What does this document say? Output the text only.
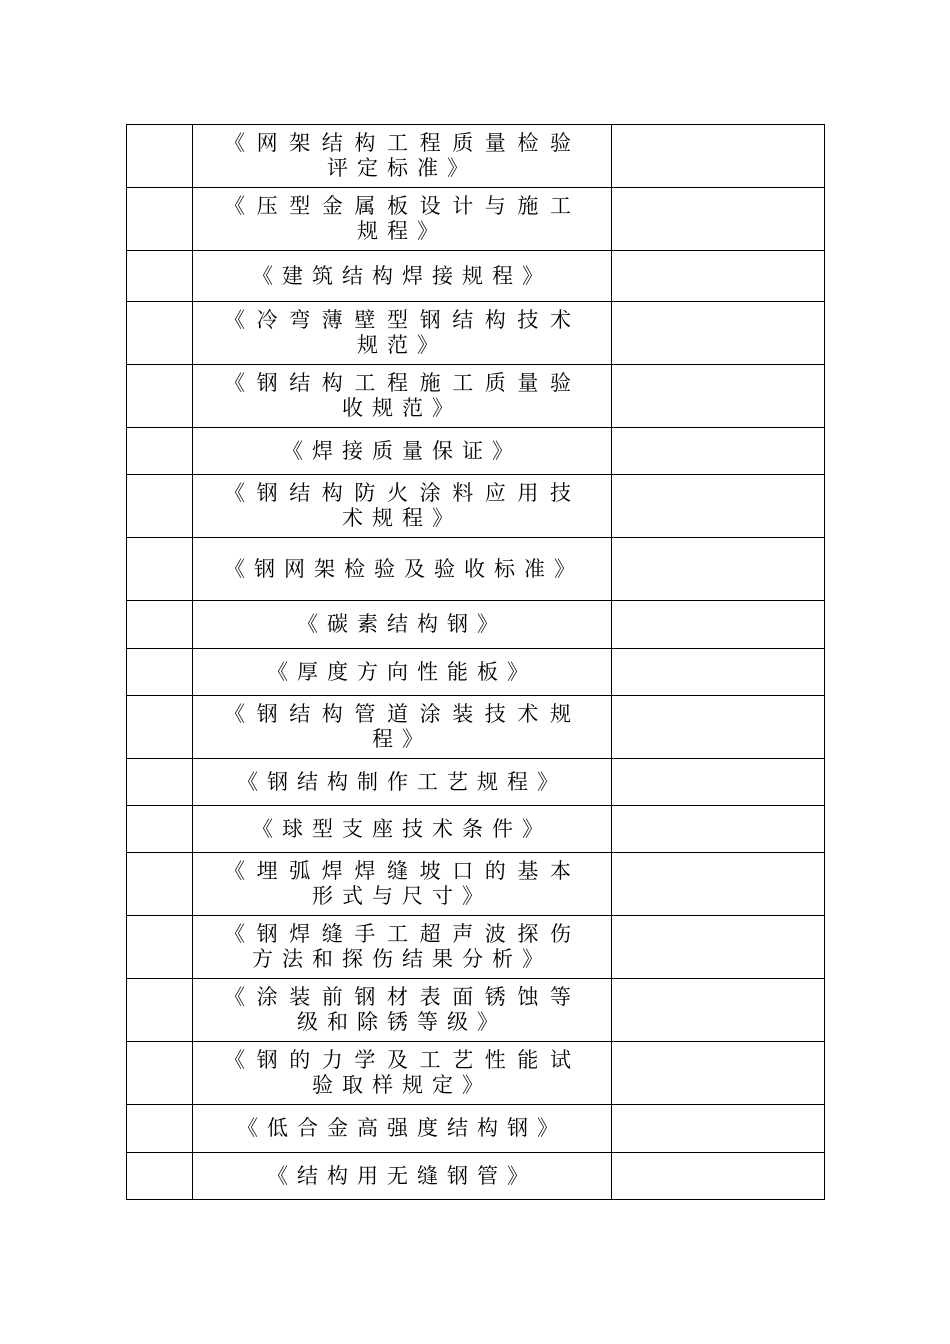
	《网架结构工程质量检验评定标准》	
	《压型金属板设计与施工规程》	
	《建筑结构焊接规程》	
	《冷弯薄壁型钢结构技术规范》	
	《钢结构工程施工质量验收规范》	
	《焊接质量保证》	
	《钢结构防火涂料应用技术规程》	
	《钢网架检验及验收标准》	
	《碳素结构钢》	
	《厚度方向性能板》	
	《钢结构管道涂装技术规程》	
	《钢结构制作工艺规程》	
	《球型支座技术条件》	
	《埋弧焊焊缝坡口的基本形式与尺寸》	
	《钢焊缝手工超声波探伤方法和探伤结果分析》	
	《涂装前钢材表面锈蚀等级和除锈等级》	
	《钢的力学及工艺性能试验取样规定》	
	《低合金高强度结构钢》	
	《结构用无缝钢管》	
